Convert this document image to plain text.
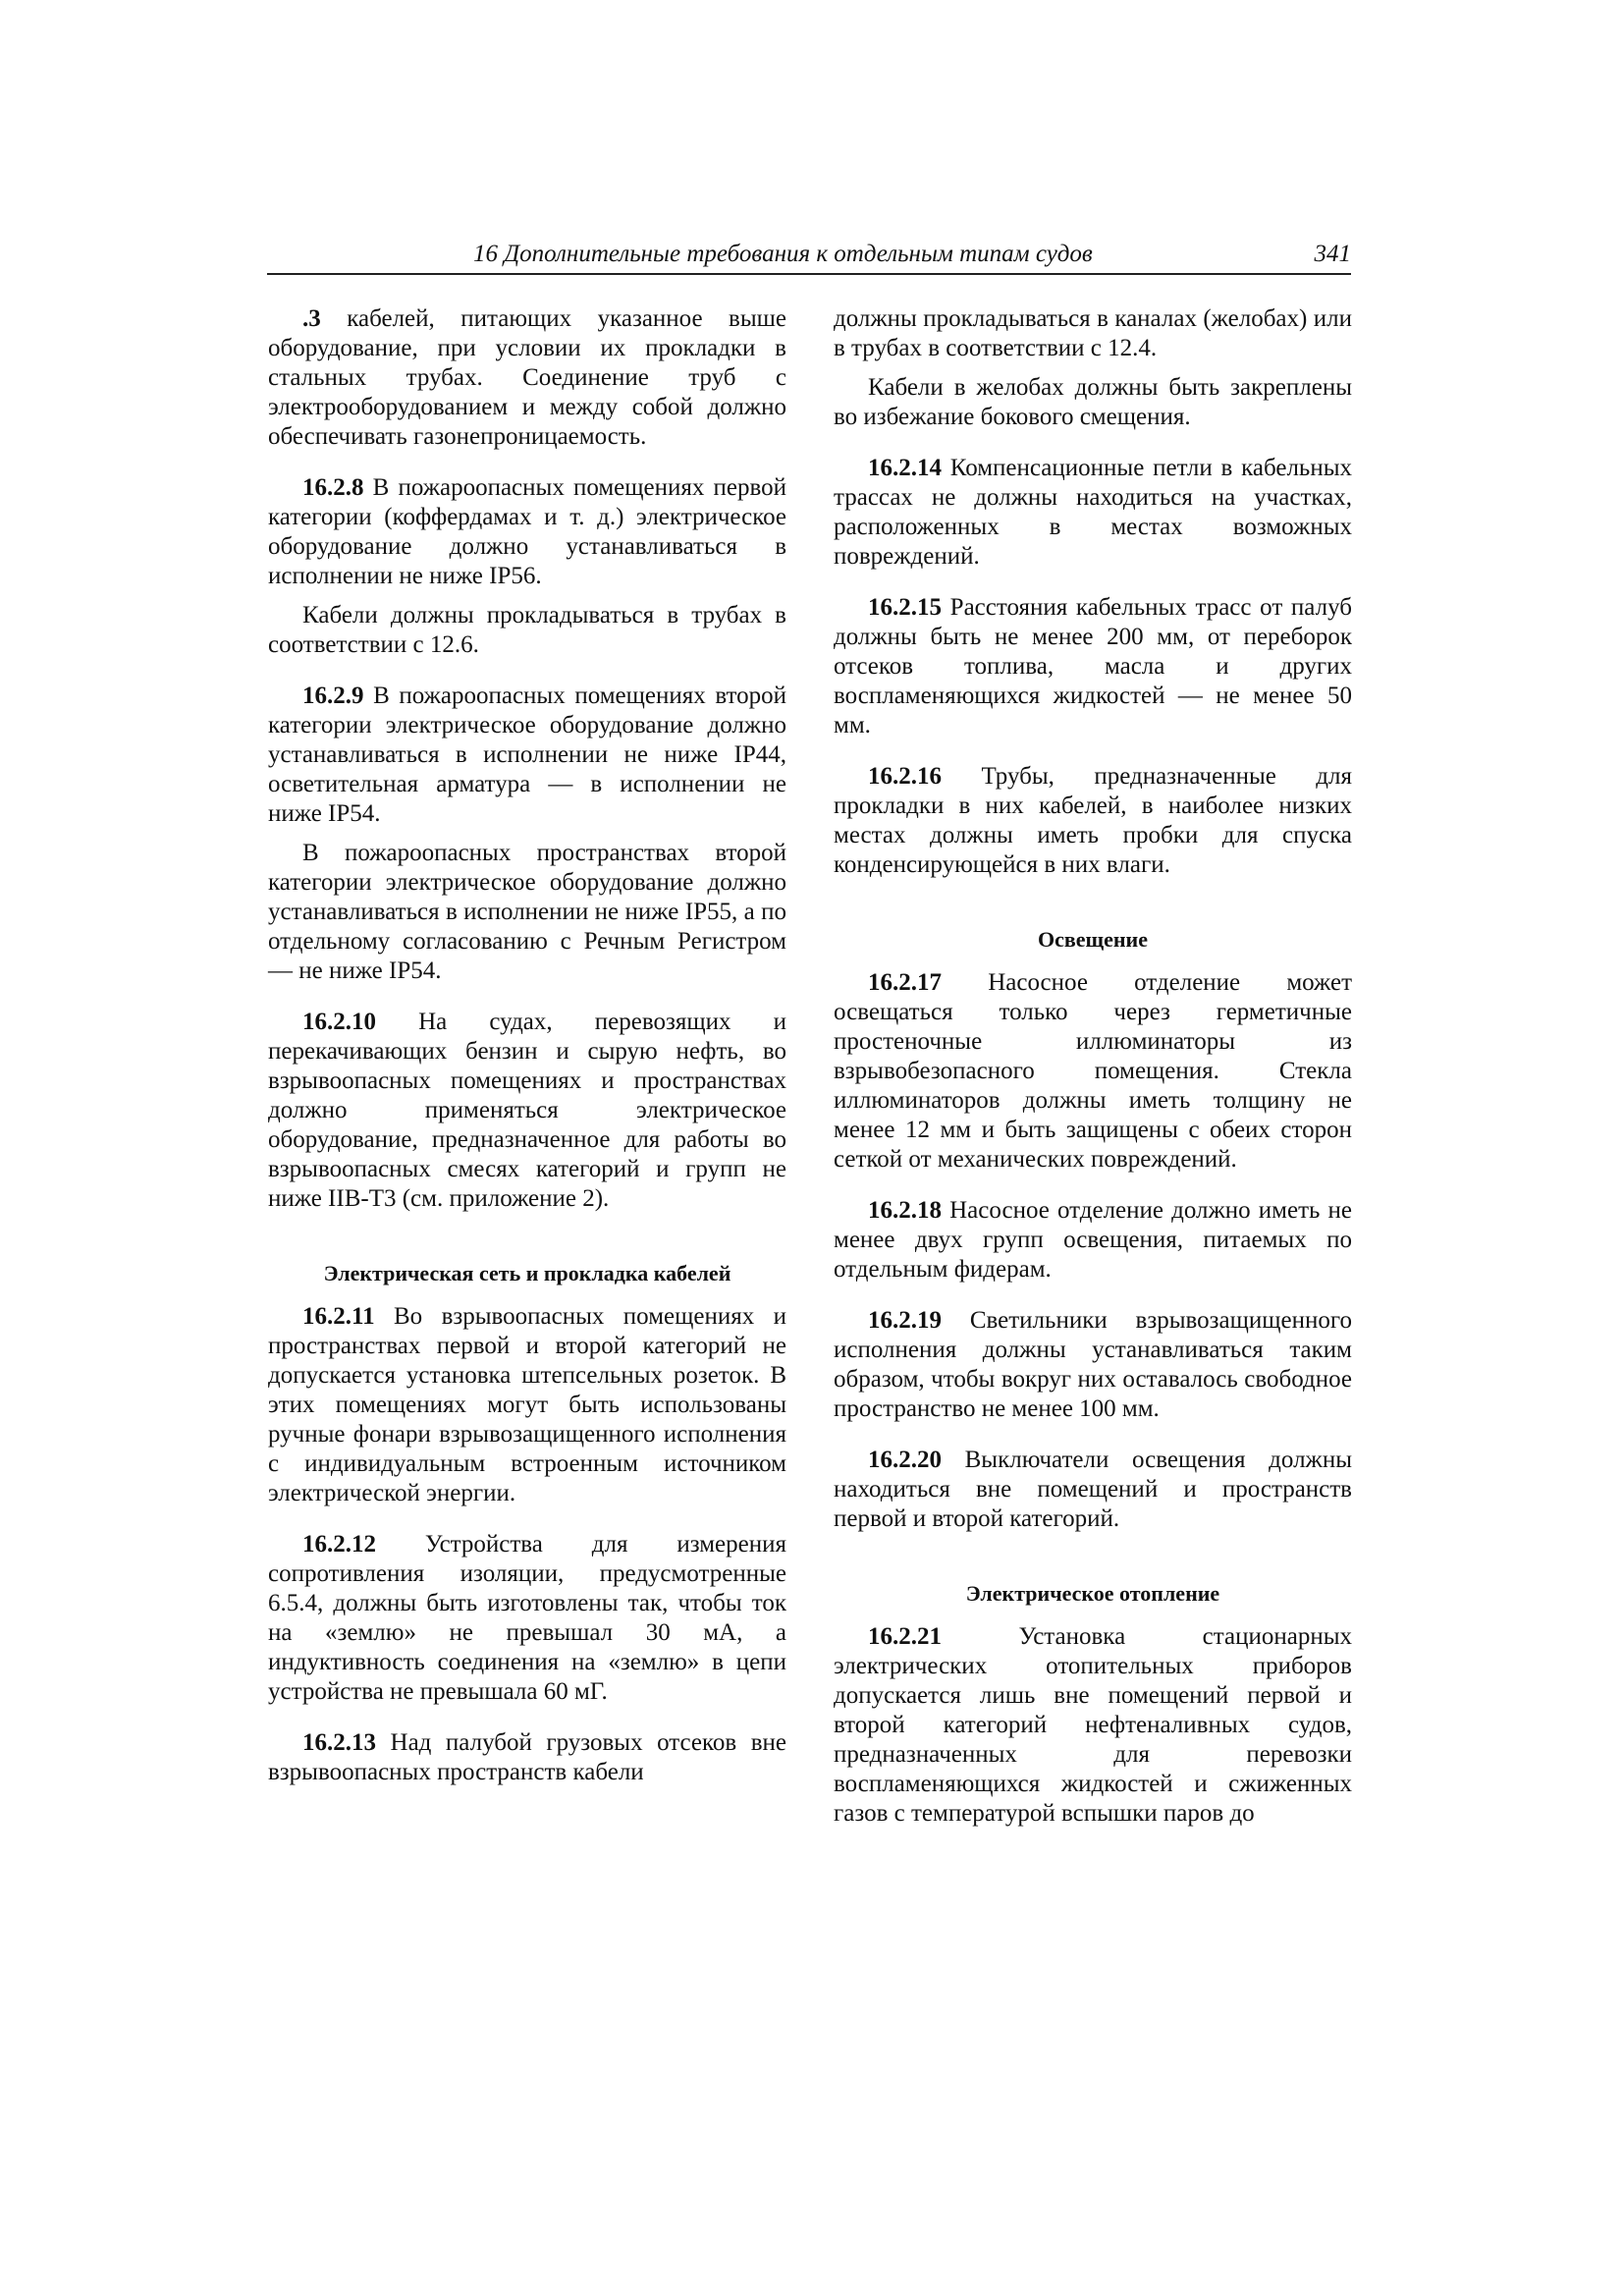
16 Дополнительные требования к отдельным типам судов	341

.3 кабелей, питающих указанное выше оборудование, при условии их прокладки в стальных трубах. Соединение труб с электрооборудованием и между собой должно обеспечивать газонепроницаемость.

16.2.8 В пожароопасных помещениях первой категории (коффердамах и т. д.) электрическое оборудование должно устанавливаться в исполнении не ниже IP56.

Кабели должны прокладываться в трубах в соответствии с 12.6.

16.2.9 В пожароопасных помещениях второй категории электрическое оборудование должно устанавливаться в исполнении не ниже IP44, осветительная арматура — в исполнении не ниже IP54.

В пожароопасных пространствах второй категории электрическое оборудование должно устанавливаться в исполнении не ниже IP55, а по отдельному согласованию с Речным Регистром — не ниже IP54.

16.2.10 На судах, перевозящих и перекачивающих бензин и сырую нефть, во взрывоопасных помещениях и пространствах должно применяться электрическое оборудование, предназначенное для работы во взрывоопасных смесях категорий и групп не ниже IIВ-Т3 (см. приложение 2).

Электрическая сеть и прокладка кабелей

16.2.11 Во взрывоопасных помещениях и пространствах первой и второй категорий не допускается установка штепсельных розеток. В этих помещениях могут быть использованы ручные фонари взрывозащищенного исполнения с индивидуальным встроенным источником электрической энергии.

16.2.12 Устройства для измерения сопротивления изоляции, предусмотренные 6.5.4, должны быть изготовлены так, чтобы ток на «землю» не превышал 30 мА, а индуктивность соединения на «землю» в цепи устройства не превышала 60 мГ.

16.2.13 Над палубой грузовых отсеков вне взрывоопасных пространств кабели

должны прокладываться в каналах (желобах) или в трубах в соответствии с 12.4.

Кабели в желобах должны быть закреплены во избежание бокового смещения.

16.2.14 Компенсационные петли в кабельных трассах не должны находиться на участках, расположенных в местах возможных повреждений.

16.2.15 Расстояния кабельных трасс от палуб должны быть не менее 200 мм, от переборок отсеков топлива, масла и других воспламеняющихся жидкостей — не менее 50 мм.

16.2.16 Трубы, предназначенные для прокладки в них кабелей, в наиболее низких местах должны иметь пробки для спуска конденсирующейся в них влаги.

Освещение

16.2.17 Насосное отделение может освещаться только через герметичные простеночные иллюминаторы из взрывобезопасного помещения. Стекла иллюминаторов должны иметь толщину не менее 12 мм и быть защищены с обеих сторон сеткой от механических повреждений.

16.2.18 Насосное отделение должно иметь не менее двух групп освещения, питаемых по отдельным фидерам.

16.2.19 Светильники взрывозащищенного исполнения должны устанавливаться таким образом, чтобы вокруг них оставалось свободное пространство не менее 100 мм.

16.2.20 Выключатели освещения должны находиться вне помещений и пространств первой и второй категорий.

Электрическое отопление

16.2.21 Установка стационарных электрических отопительных приборов допускается лишь вне помещений первой и второй категорий нефтеналивных судов, предназначенных для перевозки воспламеняющихся жидкостей и сжиженных газов с температурой вспышки паров до
